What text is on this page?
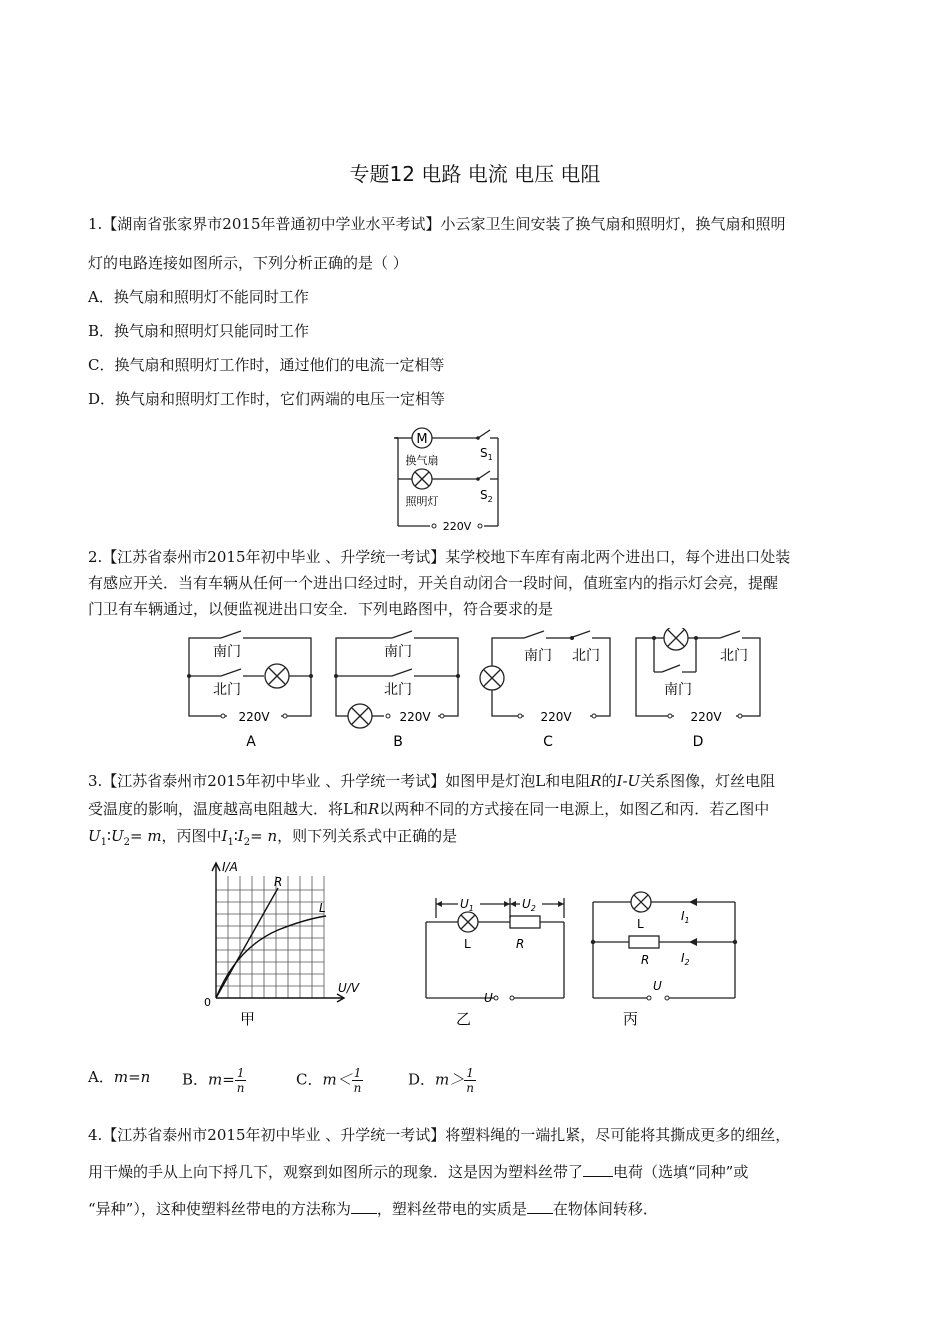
专题12 电路 电流 电压 电阻
1.【湖南省张家界市2015年普通初中学业水平考试】小云家卫生间安装了换气扇和照明灯，换气扇和照明
灯的电路连接如图所示，下列分析正确的是（ ）
A．换气扇和照明灯不能同时工作
B．换气扇和照明灯只能同时工作
C．换气扇和照明灯工作时，通过他们的电流一定相等
D．换气扇和照明灯工作时，它们两端的电压一定相等
M
换气扇
$S_1$
照明灯	$S_2$
220V
2.【江苏省泰州市2015年初中毕业 、升学统一考试】某学校地下车库有南北两个进出口，每个进出口处装
有感应开关．当有车辆从任何一个进出口经过时，开关自动闭合一段时间，值班室内的指示灯会亮，提醒
门卫有车辆通过，以便监视进出口安全．下列电路图中，符合要求的是
南门
北门
220V
A
南门
北门
220V
B
南门 北门
220V
C
北门
南门
220V
D
3.【江苏省泰州市2015年初中毕业 、升学统一考试】如图甲是灯泡L和电阻R的I-U关系图像，灯丝电阻
受温度的影响，温度越高电阻越大．将L和R以两种不同的方式接在同一电源上，如图乙和丙．若乙图中
$U_1∶U_2= m$，丙图中$I_1∶I_2= n$，则下列关系式中正确的是
I/A
U/V
0
R
L
甲
$U_1$	$U_2$
L	R
U
乙
L
$I_1$
R	$I_2$
U
丙
A．m=n B．$m= \frac{1}{n}$	C．$m< \frac{1}{n}$	D．$m> \frac{1}{n}$
4.【江苏省泰州市2015年初中毕业 、升学统一考试】将塑料绳的一端扎紧，尽可能将其撕成更多的细丝，
用干燥的手从上向下捋几下，观察到如图所示的现象．这是因为塑料丝带了 电荷（选填“同种”或
“异种”），这种使塑料丝带电的方法称为 ，塑料丝带电的实质是 在物体间转移．
